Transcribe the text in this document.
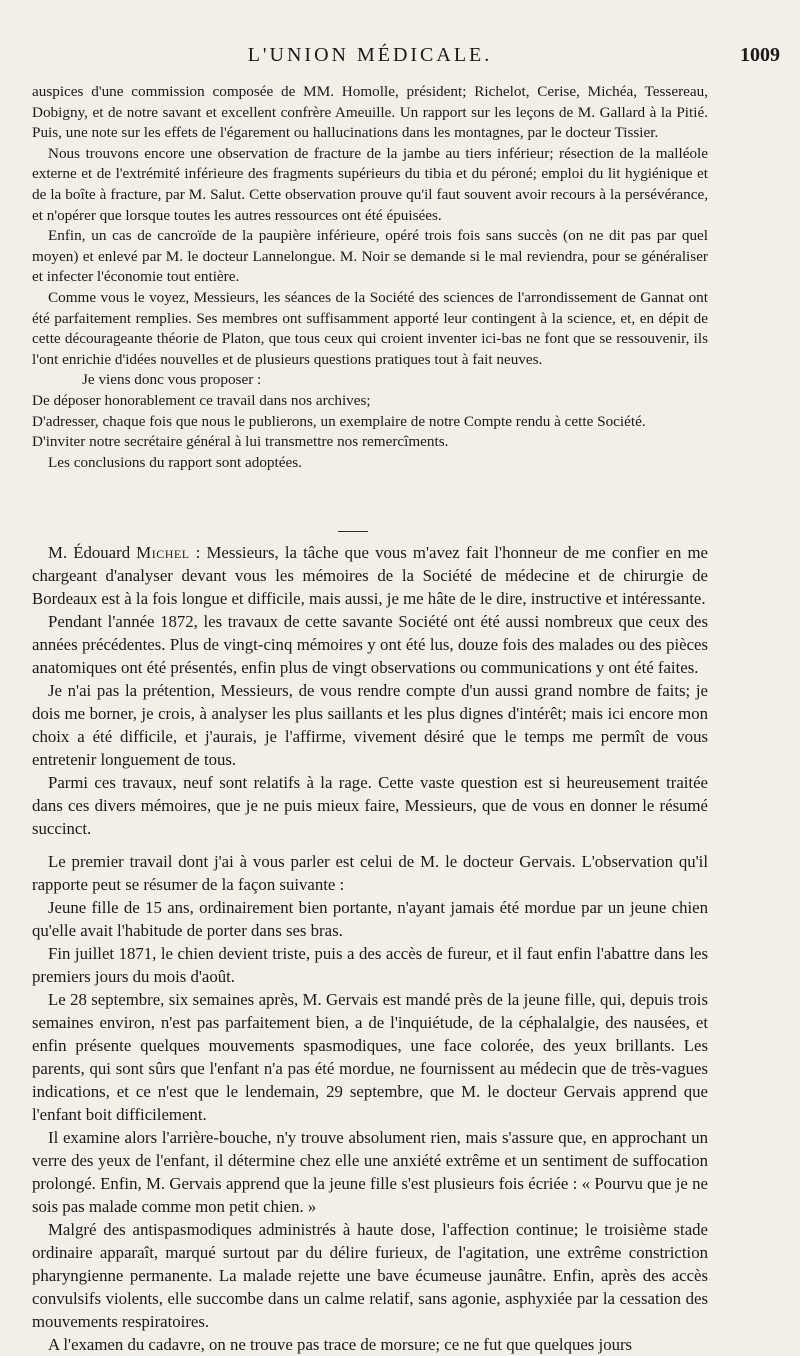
L'UNION MÉDICALE.	1009

auspices d'une commission composée de MM. Homolle, président; Richelot, Cerise, Michéa, Tessereau, Dobigny, et de notre savant et excellent confrère Ameuille. Un rapport sur les leçons de M. Gallard à la Pitié. Puis, une note sur les effets de l'égarement ou hallucinations dans les montagnes, par le docteur Tissier.

Nous trouvons encore une observation de fracture de la jambe au tiers inférieur; résection de la malléole externe et de l'extrémité inférieure des fragments supérieurs du tibia et du péroné; emploi du lit hygiénique et de la boîte à fracture, par M. Salut. Cette observation prouve qu'il faut souvent avoir recours à la persévérance, et n'opérer que lorsque toutes les autres ressources ont été épuisées.

Enfin, un cas de cancroïde de la paupière inférieure, opéré trois fois sans succès (on ne dit pas par quel moyen) et enlevé par M. le docteur Lannelongue. M. Noir se demande si le mal reviendra, pour se généraliser et infecter l'économie tout entière.

Comme vous le voyez, Messieurs, les séances de la Société des sciences de l'arrondissement de Gannat ont été parfaitement remplies. Ses membres ont suffisamment apporté leur contingent à la science, et, en dépit de cette décourageante théorie de Platon, que tous ceux qui croient inventer ici-bas ne font que se ressouvenir, ils l'ont enrichie d'idées nouvelles et de plusieurs questions pratiques tout à fait neuves.

Je viens donc vous proposer :

De déposer honorablement ce travail dans nos archives;

D'adresser, chaque fois que nous le publierons, un exemplaire de notre Compte rendu à cette Société.

D'inviter notre secrétaire général à lui transmettre nos remercîments.

Les conclusions du rapport sont adoptées.

M. Édouard Michel : Messieurs, la tâche que vous m'avez fait l'honneur de me confier en me chargeant d'analyser devant vous les mémoires de la Société de médecine et de chirurgie de Bordeaux est à la fois longue et difficile, mais aussi, je me hâte de le dire, instructive et intéressante.

Pendant l'année 1872, les travaux de cette savante Société ont été aussi nombreux que ceux des années précédentes. Plus de vingt-cinq mémoires y ont été lus, douze fois des malades ou des pièces anatomiques ont été présentés, enfin plus de vingt observations ou communications y ont été faites.

Je n'ai pas la prétention, Messieurs, de vous rendre compte d'un aussi grand nombre de faits; je dois me borner, je crois, à analyser les plus saillants et les plus dignes d'intérêt; mais ici encore mon choix a été difficile, et j'aurais, je l'affirme, vivement désiré que le temps me permît de vous entretenir longuement de tous.

Parmi ces travaux, neuf sont relatifs à la rage. Cette vaste question est si heureusement traitée dans ces divers mémoires, que je ne puis mieux faire, Messieurs, que de vous en donner le résumé succinct.

Le premier travail dont j'ai à vous parler est celui de M. le docteur Gervais. L'observation qu'il rapporte peut se résumer de la façon suivante :

Jeune fille de 15 ans, ordinairement bien portante, n'ayant jamais été mordue par un jeune chien qu'elle avait l'habitude de porter dans ses bras.

Fin juillet 1871, le chien devient triste, puis a des accès de fureur, et il faut enfin l'abattre dans les premiers jours du mois d'août.

Le 28 septembre, six semaines après, M. Gervais est mandé près de la jeune fille, qui, depuis trois semaines environ, n'est pas parfaitement bien, a de l'inquiétude, de la céphalalgie, des nausées, et enfin présente quelques mouvements spasmodiques, une face colorée, des yeux brillants. Les parents, qui sont sûrs que l'enfant n'a pas été mordue, ne fournissent au médecin que de très-vagues indications, et ce n'est que le lendemain, 29 septembre, que M. le docteur Gervais apprend que l'enfant boit difficilement.

Il examine alors l'arrière-bouche, n'y trouve absolument rien, mais s'assure que, en approchant un verre des yeux de l'enfant, il détermine chez elle une anxiété extrême et un sentiment de suffocation prolongé. Enfin, M. Gervais apprend que la jeune fille s'est plusieurs fois écriée : « Pourvu que je ne sois pas malade comme mon petit chien. »

Malgré des antispasmodiques administrés à haute dose, l'affection continue; le troisième stade ordinaire apparaît, marqué surtout par du délire furieux, de l'agitation, une extrême constriction pharyngienne permanente. La malade rejette une bave écumeuse jaunâtre. Enfin, après des accès convulsifs violents, elle succombe dans un calme relatif, sans agonie, asphyxiée par la cessation des mouvements respiratoires.

A l'examen du cadavre, on ne trouve pas trace de morsure; ce ne fut que quelques jours
